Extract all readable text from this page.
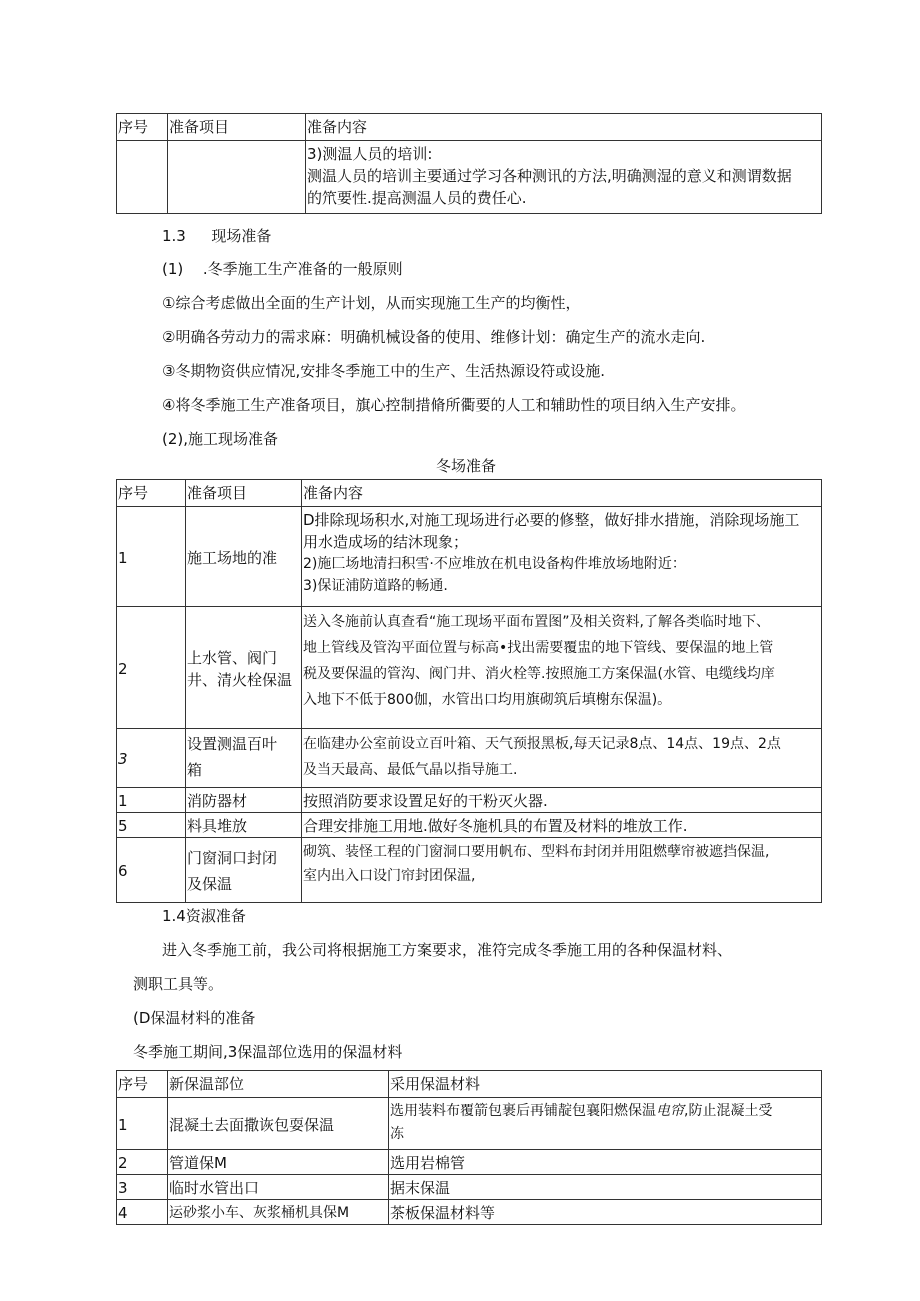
序号	准备项目	准备内容

		3)测温人员的培训:
测温人员的培训主要通过学习各种测讯的方法,明确测湿的意义和测谓数据
的笊要性.提高测温人员的费任心.
1.3 现场准备
(1) .冬季施工生产准备的一般原则
①综合考虑做出全面的生产计划，从而实现施工生产的均衡性，
②明确各劳动力的需求麻：明确机械设备的使用、维修计划：确定生产的流水走向.
③冬期物资供应情况,安排冬季施工中的生产、生活热源设符或设施.
④将冬季施工生产准备项目，旗心控制措脩所衢要的人工和辅助性的项目纳入生产安排。
(2),施工现场准备
冬场准备
序号	准备项目	准备内容
1	施工场地的准	D排除现场积水,对施工现场进行必要的修整，做好排水措施，消除现场施工
用水造成场的结沐现象；
2)施匚场地清扫积雪·不应堆放在机电设备构件堆放场地附近：
3)保证浦防道路的畅通.

2	上水管、阀门
井、清火栓保温	送入冬施前认真查看“施工现场平面布置图”及相关资料,了解各类临时地下、
地上管线及管沟平面位置与标高•找出需要覆盅的地下管线、要保温的地上管
税及要保温的管沟、阀门井、消火栓等.按照施工方案保温(水管、电缆线均庠
入地下不低于800伽，水管出口均用旗砌筑后填榭东保温)。

3	设置测温百叶
箱	在临建办公室前设立百叶箱、天气预报黑板,每天记录8点、14点、19点、2点
及当天最高、最低气晶以指导施工.

1	消防器材	按照消防要求设置足好的干粉灭火器.

5	料具堆放	合理安排施工用地.做好冬施机具的布置及材料的堆放工作.

6	门窗洞口封闭
及保温	砌筑、装怪工程的门窗洞口要用帆布、型料布封闭并用阻燃孽帘被遮挡保温,
室内出入口设门帘封团保温,
1.4资淑准备
进入冬季施工前，我公司将根据施工方案要求，准符完成冬季施工用的各种保温材料、
测职工具等。
(D保温材料的准备
冬季施工期间,3保温部位选用的保温材料
序号	新保温部位	采用保温材料
1	混凝土去面撒诙包耍保温	选用装料布覆箭包裹后再铺靛包襄阳燃保温电帘,防止混凝土受
冻

2	管道保M	选用岩棉管
3	临时水管出口	据末保温
4	运砂浆小车、灰浆桶机具保M	茶板保温材料等
